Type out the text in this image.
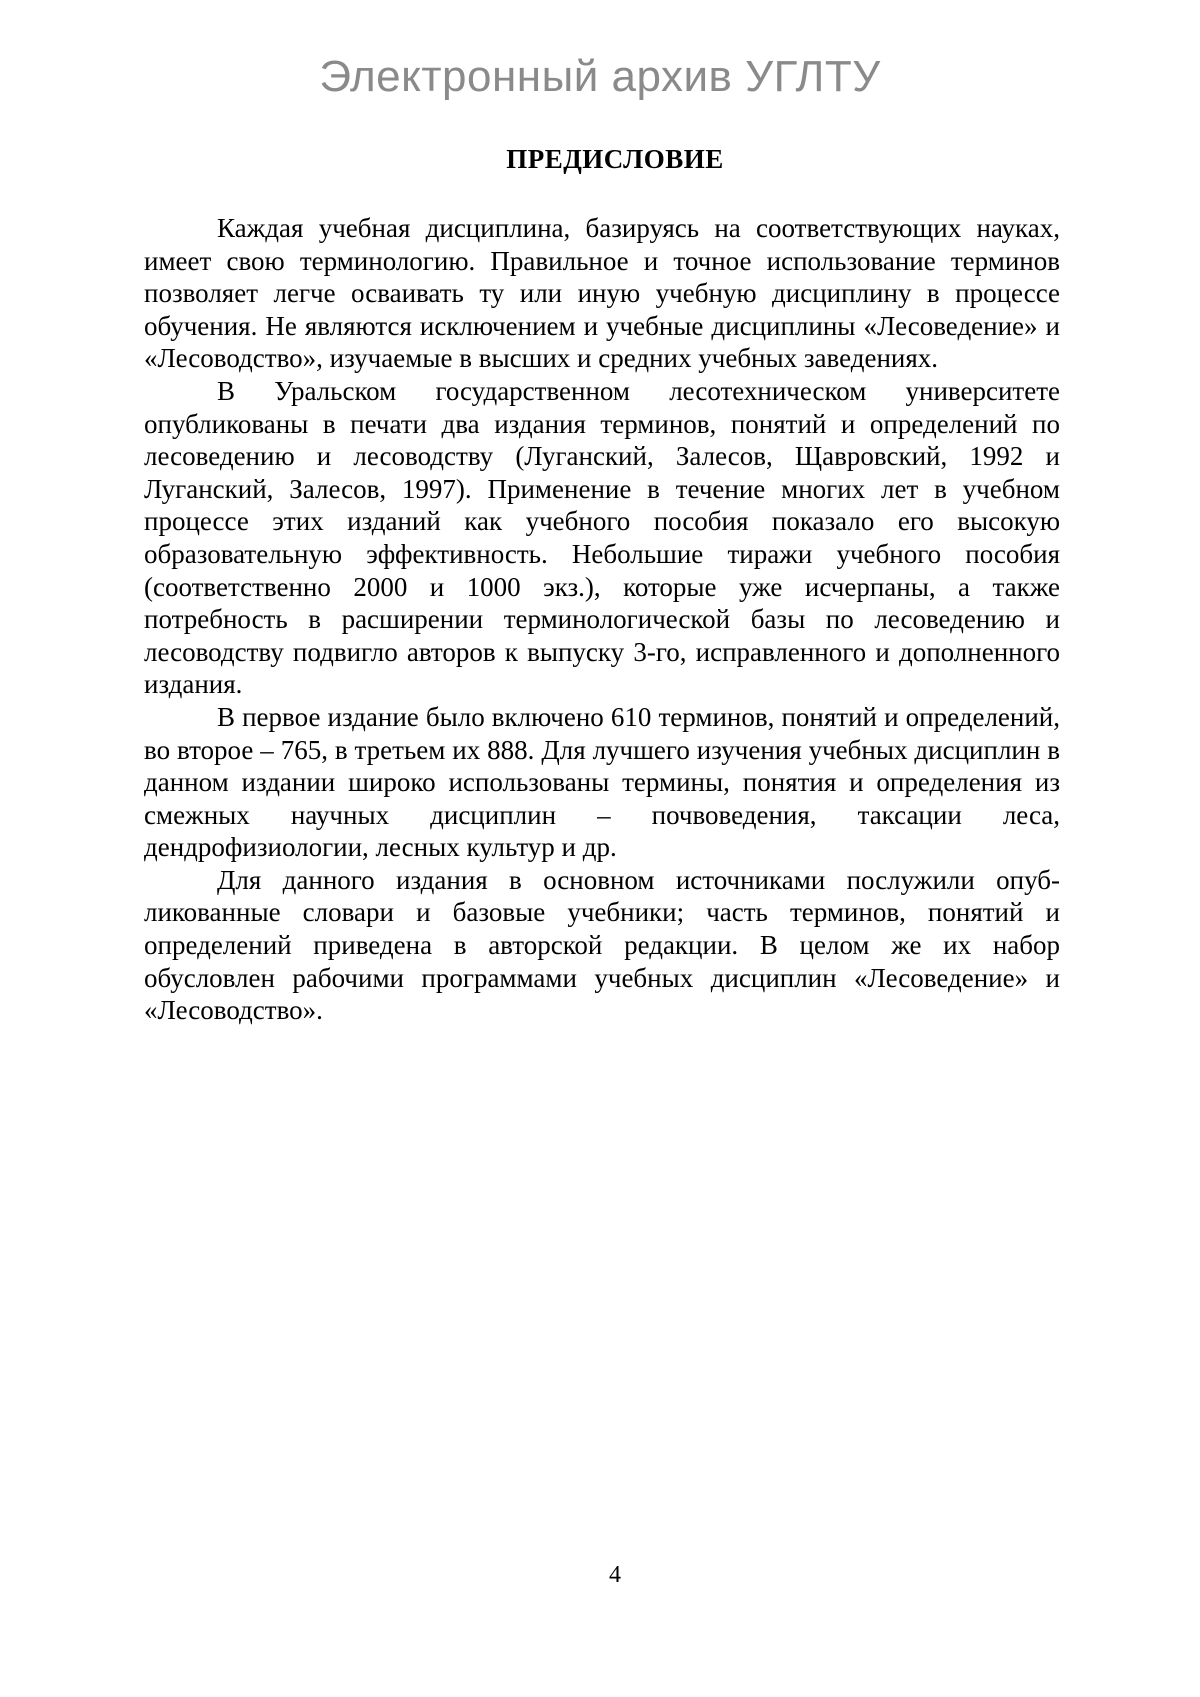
Электронный архив УГЛТУ
ПРЕДИСЛОВИЕ

Каждая учебная дисциплина, базируясь на соответствующих науках, имеет свою терминологию. Правильное и точное использование терминов позволяет легче осваивать ту или иную учебную дисциплину в процессе обучения. Не являются исключением и учебные дисциплины «Лесоведение» и «Лесоводство», изучаемые в высших и средних учебных заведениях.

В Уральском государственном лесотехническом университете опубликованы в печати два издания терминов, понятий и определений по лесоведению и лесоводству (Луганский, Залесов, Щавровский, 1992 и Луганский, Залесов, 1997). Применение в течение многих лет в учебном процессе этих изданий как учебного пособия показало его высокую образовательную эффективность. Небольшие тиражи учебного пособия (соответственно 2000 и 1000 экз.), которые уже исчерпаны, а также потребность в расширении терминологической базы по лесоведению и лесоводству подвигло авторов к выпуску 3-го, исправленного и дополненного издания.

В первое издание было включено 610 терминов, понятий и определений, во второе – 765, в третьем их 888. Для лучшего изучения учебных дисциплин в данном издании широко использованы термины, понятия и определения из смежных научных дисциплин – почвоведения, таксации леса, дендрофизиологии, лесных культур и др.

Для данного издания в основном источниками послужили опубликованные словари и базовые учебники; часть терминов, понятий и определений приведена в авторской редакции. В целом же их набор обусловлен рабочими программами учебных дисциплин «Лесоведение» и «Лесоводство».

4
